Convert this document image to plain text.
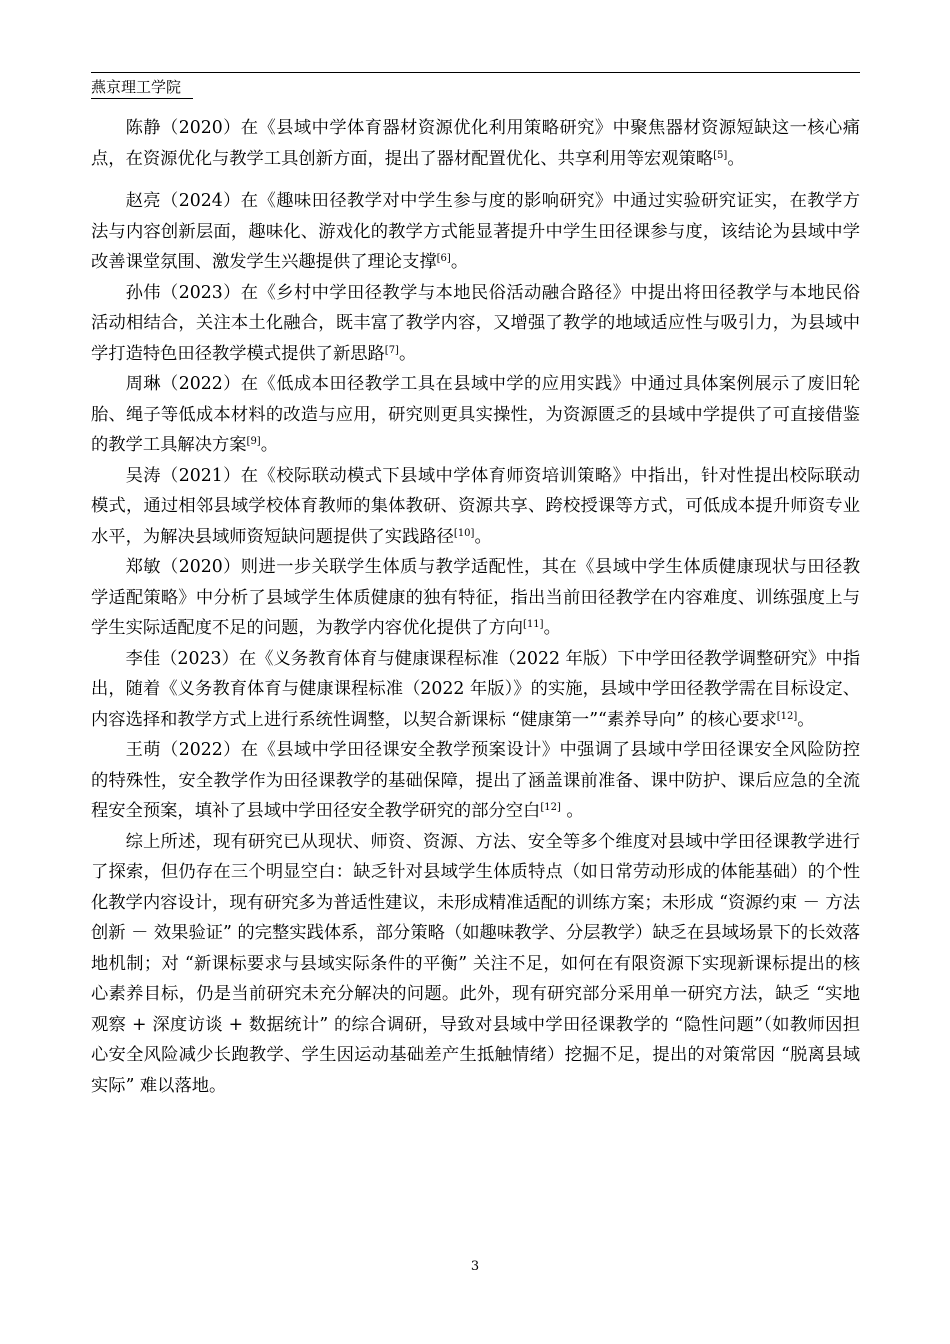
燕京理工学院

陈静（2020）在《县域中学体育器材资源优化利用策略研究》中聚焦器材资源短缺这一核心痛点，在资源优化与教学工具创新方面，提出了器材配置优化、共享利用等宏观策略[5]。

赵亮（2024）在《趣味田径教学对中学生参与度的影响研究》中通过实验研究证实，在教学方法与内容创新层面，趣味化、游戏化的教学方式能显著提升中学生田径课参与度，该结论为县域中学改善课堂氛围、激发学生兴趣提供了理论支撑[6]。

孙伟（2023）在《乡村中学田径教学与本地民俗活动融合路径》中提出将田径教学与本地民俗活动相结合，关注本土化融合，既丰富了教学内容，又增强了教学的地域适应性与吸引力，为县域中学打造特色田径教学模式提供了新思路[7]。

周琳（2022）在《低成本田径教学工具在县域中学的应用实践》中通过具体案例展示了废旧轮胎、绳子等低成本材料的改造与应用，研究则更具实操性，为资源匮乏的县域中学提供了可直接借鉴的教学工具解决方案[9]。

吴涛（2021）在《校际联动模式下县域中学体育师资培训策略》中指出，针对性提出校际联动模式，通过相邻县域学校体育教师的集体教研、资源共享、跨校授课等方式，可低成本提升师资专业水平，为解决县域师资短缺问题提供了实践路径[10]。

郑敏（2020）则进一步关联学生体质与教学适配性，其在《县域中学生体质健康现状与田径教学适配策略》中分析了县域学生体质健康的独有特征，指出当前田径教学在内容难度、训练强度上与学生实际适配度不足的问题，为教学内容优化提供了方向[11]。

李佳（2023）在《义务教育体育与健康课程标准（2022 年版）下中学田径教学调整研究》中指出，随着《义务教育体育与健康课程标准（2022 年版）》的实施，县域中学田径教学需在目标设定、内容选择和教学方式上进行系统性调整，以契合新课标 “健康第一”“素养导向” 的核心要求[12]。

王萌（2022）在《县域中学田径课安全教学预案设计》中强调了县域中学田径课安全风险防控的特殊性，安全教学作为田径课教学的基础保障，提出了涵盖课前准备、课中防护、课后应急的全流程安全预案，填补了县域中学田径安全教学研究的部分空白[12] 。

综上所述，现有研究已从现状、师资、资源、方法、安全等多个维度对县域中学田径课教学进行了探索，但仍存在三个明显空白：缺乏针对县域学生体质特点（如日常劳动形成的体能基础）的个性化教学内容设计，现有研究多为普适性建议，未形成精准适配的训练方案；未形成 “资源约束 － 方法创新 － 效果验证” 的完整实践体系，部分策略（如趣味教学、分层教学）缺乏在县域场景下的长效落地机制；对 “新课标要求与县域实际条件的平衡” 关注不足，如何在有限资源下实现新课标提出的核心素养目标，仍是当前研究未充分解决的问题。此外，现有研究部分采用单一研究方法，缺乏 “实地观察 + 深度访谈 + 数据统计” 的综合调研，导致对县域中学田径课教学的 “隐性问题”（如教师因担心安全风险减少长跑教学、学生因运动基础差产生抵触情绪）挖掘不足，提出的对策常因 “脱离县域实际” 难以落地。

3
